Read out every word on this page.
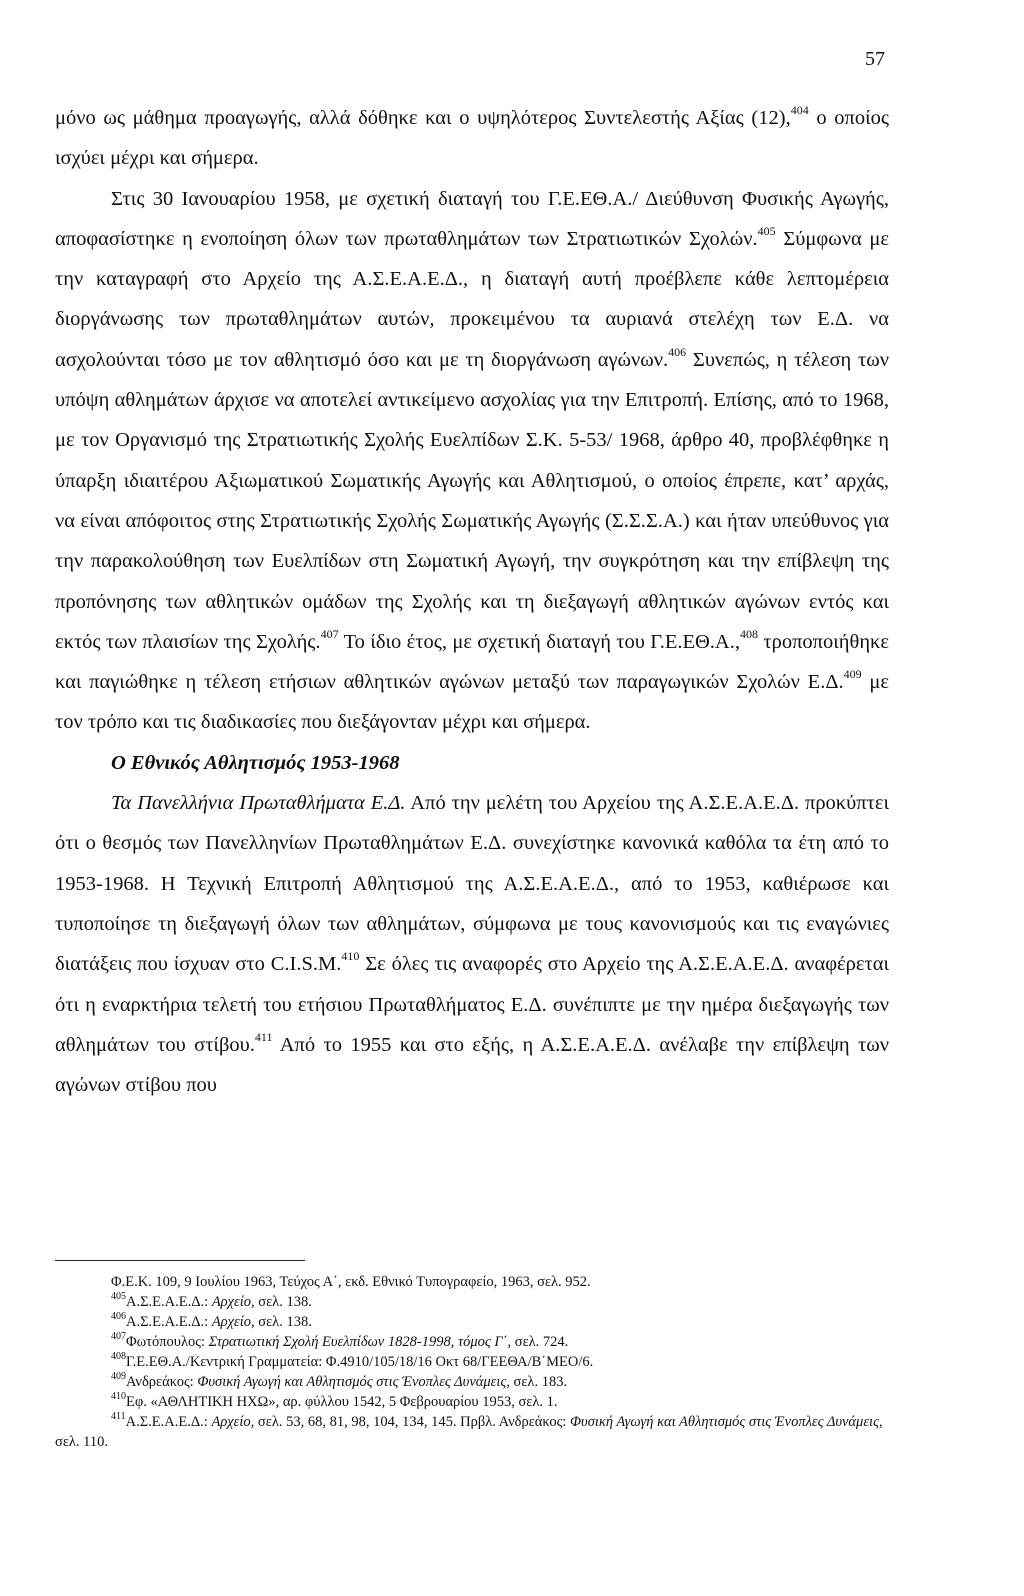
57

μόνο ως μάθημα προαγωγής, αλλά δόθηκε και ο υψηλότερος Συντελεστής Αξίας (12),$^{404}$ ο οποίος ισχύει μέχρι και σήμερα.

Στις 30 Ιανουαρίου 1958, με σχετική διαταγή του Γ.Ε.ΕΘ.Α./ Διεύθυνση Φυσικής Αγωγής, αποφασίστηκε η ενοποίηση όλων των πρωταθλημάτων των Στρατιωτικών Σχολών.$^{405}$ Σύμφωνα με την καταγραφή στο Αρχείο της Α.Σ.Ε.Α.Ε.Δ., η διαταγή αυτή προέβλεπε κάθε λεπτομέρεια διοργάνωσης των πρωταθλημάτων αυτών, προκειμένου τα αυριανά στελέχη των Ε.Δ. να ασχολούνται τόσο με τον αθλητισμό όσο και με τη διοργάνωση αγώνων.$^{406}$ Συνεπώς, η τέλεση των υπόψη αθλημάτων άρχισε να αποτελεί αντικείμενο ασχολίας για την Επιτροπή. Επίσης, από το 1968, με τον Οργανισμό της Στρατιωτικής Σχολής Ευελπίδων Σ.Κ. 5-53/ 1968, άρθρο 40, προβλέφθηκε η ύπαρξη ιδιαιτέρου Αξιωματικού Σωματικής Αγωγής και Αθλητισμού, ο οποίος έπρεπε, κατ’ αρχάς, να είναι απόφοιτος στης Στρατιωτικής Σχολής Σωματικής Αγωγής (Σ.Σ.Σ.Α.) και ήταν υπεύθυνος για την παρακολούθηση των Ευελπίδων στη Σωματική Αγωγή, την συγκρότηση και την επίβλεψη της προπόνησης των αθλητικών ομάδων της Σχολής και τη διεξαγωγή αθλητικών αγώνων εντός και εκτός των πλαισίων της Σχολής.$^{407}$ Το ίδιο έτος, με σχετική διαταγή του Γ.Ε.ΕΘ.Α.,$^{408}$ τροποποιήθηκε και παγιώθηκε η τέλεση ετήσιων αθλητικών αγώνων μεταξύ των παραγωγικών Σχολών Ε.Δ.$^{409}$ με τον τρόπο και τις διαδικασίες που διεξάγονταν μέχρι και σήμερα.

Ο Εθνικός Αθλητισμός 1953-1968

Τα Πανελλήνια Πρωταθλήματα Ε.Δ. Από την μελέτη του Αρχείου της Α.Σ.Ε.Α.Ε.Δ. προκύπτει ότι ο θεσμός των Πανελληνίων Πρωταθλημάτων Ε.Δ. συνεχίστηκε κανονικά καθόλα τα έτη από το 1953-1968. Η Τεχνική Επιτροπή Αθλητισμού της Α.Σ.Ε.Α.Ε.Δ., από το 1953, καθιέρωσε και τυποποίησε τη διεξαγωγή όλων των αθλημάτων, σύμφωνα με τους κανονισμούς και τις εναγώνιες διατάξεις που ίσχυαν στο C.I.S.M.$^{410}$ Σε όλες τις αναφορές στο Αρχείο της Α.Σ.Ε.Α.Ε.Δ. αναφέρεται ότι η εναρκτήρια τελετή του ετήσιου Πρωταθλήματος Ε.Δ. συνέπιπτε με την ημέρα διεξαγωγής των αθλημάτων του στίβου.$^{411}$ Από το 1955 και στο εξής, η Α.Σ.Ε.Α.Ε.Δ. ανέλαβε την επίβλεψη των αγώνων στίβου που

Φ.Ε.Κ. 109, 9 Ιουλίου 1963, Τεύχος Α΄, εκδ. Εθνικό Τυπογραφείο, 1963, σελ. 952.

$^{405}$Α.Σ.Ε.Α.Ε.Δ.: Αρχείο, σελ. 138.

$^{406}$Α.Σ.Ε.Α.Ε.Δ.: Αρχείο, σελ. 138.

$^{407}$Φωτόπουλος: Στρατιωτική Σχολή Ευελπίδων 1828-1998, τόμος Γ΄, σελ. 724.

$^{408}$Γ.Ε.ΕΘ.Α./Κεντρική Γραμματεία: Φ.4910/105/18/16 Οκτ 68/ΓΕΕΘΑ/Β΄ΜΕΟ/6.

$^{409}$Ανδρεάκος: Φυσική Αγωγή και Αθλητισμός στις Ένοπλες Δυνάμεις, σελ. 183.

$^{410}$Εφ. «ΑΘΛΗΤΙΚΗ ΗΧΩ», αρ. φύλλου 1542, 5 Φεβρουαρίου 1953, σελ. 1.

$^{411}$Α.Σ.Ε.Α.Ε.Δ.: Αρχείο, σελ. 53, 68, 81, 98, 104, 134, 145. Πρβλ. Ανδρεάκος: Φυσική Αγωγή και Αθλητισμός στις Ένοπλες Δυνάμεις, σελ. 110.
